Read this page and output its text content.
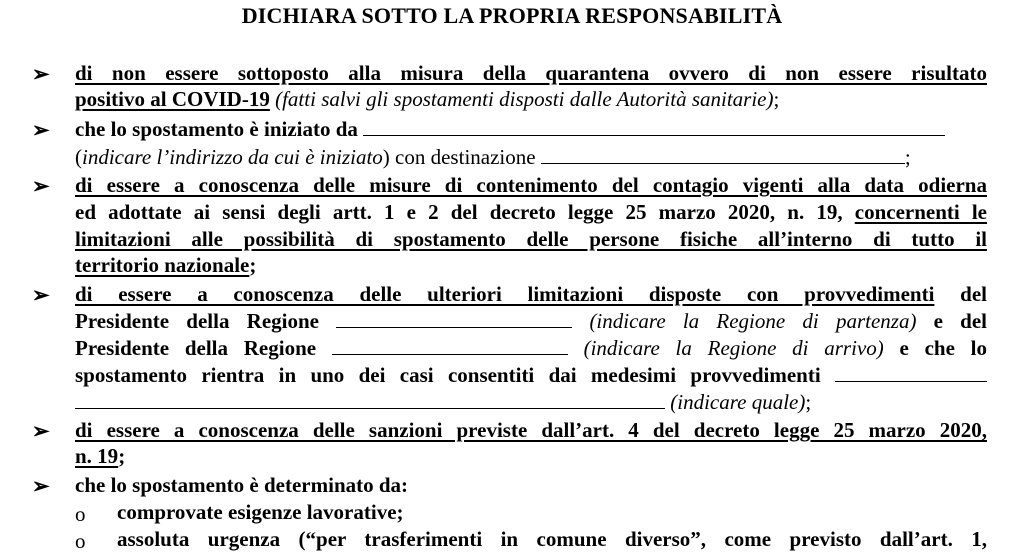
DICHIARA SOTTO LA PROPRIA RESPONSABILITÀ
➢ di non essere sottoposto alla misura della quarantena ovvero di non essere risultato
positivo al COVID-19 (fatti salvi gli spostamenti disposti dalle Autorità sanitarie);
➢ che lo spostamento è iniziato da
(indicare l’indirizzo da cui è iniziato) con destinazione	;
➢ di essere a conoscenza delle misure di contenimento del contagio vigenti alla data odierna
ed adottate ai sensi degli artt. 1 e 2 del decreto legge 25 marzo 2020, n. 19, concernenti le
limitazioni alle possibilità di spostamento delle persone fisiche all’interno di tutto il
territorio nazionale;
➢ di essere a conoscenza delle ulteriori limitazioni disposte con provvedimenti del
Presidente della Regione	(indicare la Regione di partenza) e del
Presidente della Regione	(indicare la Regione di arrivo) e che lo
spostamento rientra in uno dei casi consentiti dai medesimi provvedimenti
(indicare quale);
➢ di essere a conoscenza delle sanzioni previste dall’art. 4 del decreto legge 25 marzo 2020,
n. 19;
➢ che lo spostamento è determinato da:
o comprovate esigenze lavorative;
o assoluta urgenza (“per trasferimenti in comune diverso”, come previsto dall’art. 1,
